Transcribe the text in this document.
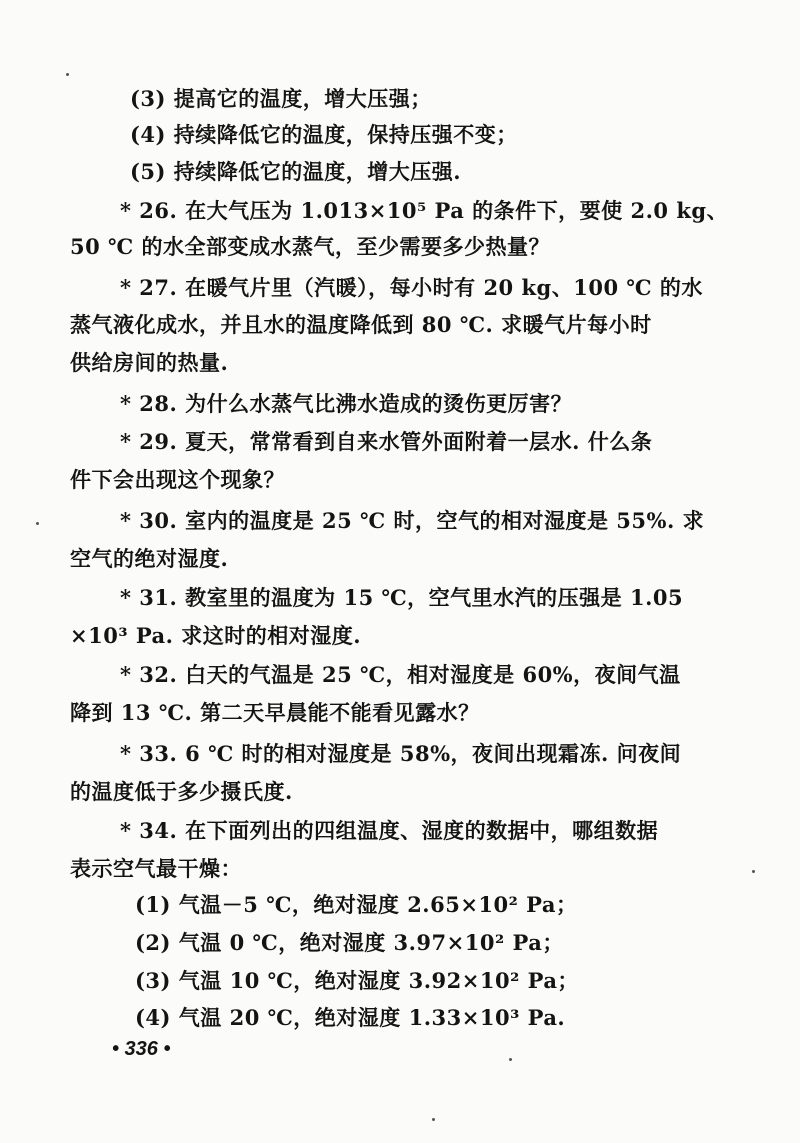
(3) 提高它的温度，增大压强；
(4) 持续降低它的温度，保持压强不变；
(5) 持续降低它的温度，增大压强.
* 26. 在大气压为 1.013×10⁵ Pa 的条件下，要使 2.0 kg、
50 ℃ 的水全部变成水蒸气，至少需要多少热量？
* 27. 在暖气片里（汽暖），每小时有 20 kg、100 ℃ 的水
蒸气液化成水，并且水的温度降低到 80 ℃. 求暖气片每小时
供给房间的热量.
* 28. 为什么水蒸气比沸水造成的烫伤更厉害？
* 29. 夏天，常常看到自来水管外面附着一层水. 什么条
件下会出现这个现象？
* 30. 室内的温度是 25 ℃ 时，空气的相对湿度是 55%. 求
空气的绝对湿度.
* 31. 教室里的温度为 15 ℃，空气里水汽的压强是 1.05
×10³ Pa. 求这时的相对湿度.
* 32. 白天的气温是 25 ℃，相对湿度是 60%，夜间气温
降到 13 ℃. 第二天早晨能不能看见露水？
* 33. 6 ℃ 时的相对湿度是 58%，夜间出现霜冻. 问夜间
的温度低于多少摄氏度.
* 34. 在下面列出的四组温度、湿度的数据中，哪组数据
表示空气最干燥：
(1) 气温－5 ℃，绝对湿度 2.65×10² Pa；
(2) 气温 0 ℃，绝对湿度 3.97×10² Pa；
(3) 气温 10 ℃，绝对湿度 3.92×10² Pa；
(4) 气温 20 ℃，绝对湿度 1.33×10³ Pa.
• 336 •
